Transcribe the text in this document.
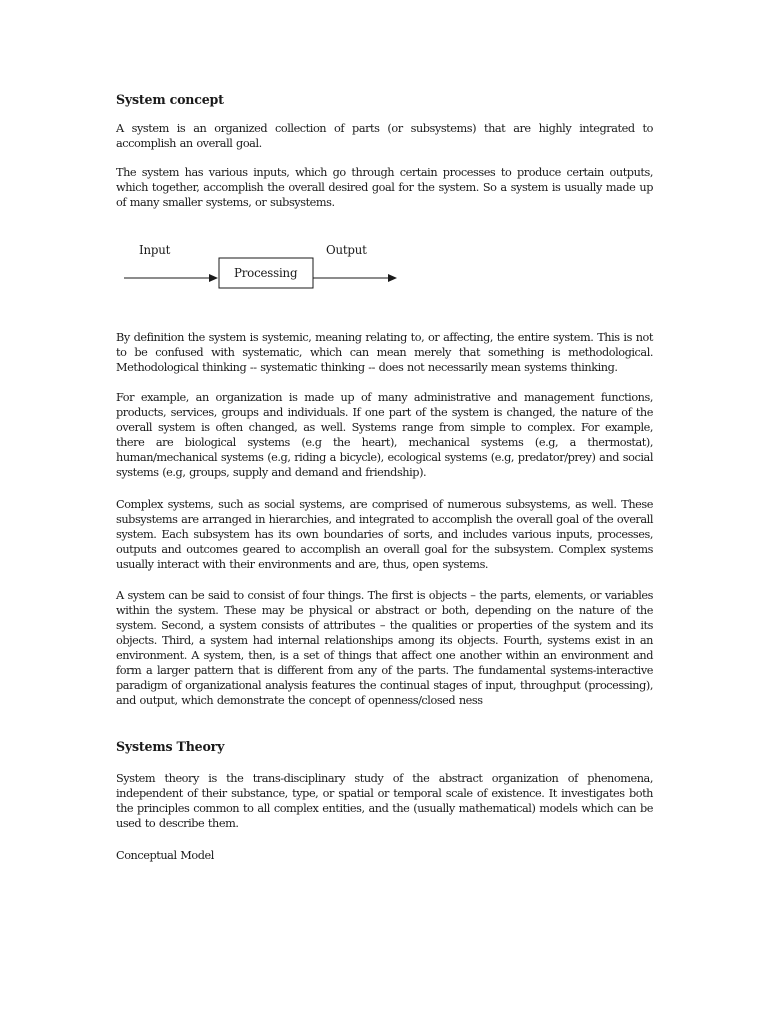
System concept

A system is an organized collection of parts (or subsystems) that are highly integrated to accomplish an overall goal.

The system has various inputs, which go through certain processes to produce certain outputs, which together, accomplish the overall desired goal for the system. So a system is usually made up of many smaller systems, or subsystems.

Input
Processing
Output

By definition the system is systemic, meaning relating to, or affecting, the entire system. This is not to be confused with systematic, which can mean merely that something is methodological. Methodological thinking -- systematic thinking -- does not necessarily mean systems thinking.

For example, an organization is made up of many administrative and management functions, products, services, groups and individuals. If one part of the system is changed, the nature of the overall system is often changed, as well. Systems range from simple to complex. For example, there are biological systems (e.g the heart), mechanical systems (e.g, a thermostat), human/mechanical systems (e.g, riding a bicycle), ecological systems (e.g, predator/prey) and social systems (e.g, groups, supply and demand and friendship).

Complex systems, such as social systems, are comprised of numerous subsystems, as well. These subsystems are arranged in hierarchies, and integrated to accomplish the overall goal of the overall system. Each subsystem has its own boundaries of sorts, and includes various inputs, processes, outputs and outcomes geared to accomplish an overall goal for the subsystem. Complex systems usually interact with their environments and are, thus, open systems.

A system can be said to consist of four things. The first is objects – the parts, elements, or variables within the system. These may be physical or abstract or both, depending on the nature of the system. Second, a system consists of attributes – the qualities or properties of the system and its objects. Third, a system had internal relationships among its objects. Fourth, systems exist in an environment. A system, then, is a set of things that affect one another within an environment and form a larger pattern that is different from any of the parts. The fundamental systems-interactive paradigm of organizational analysis features the continual stages of input, throughput (processing), and output, which demonstrate the concept of openness/closed ness

Systems Theory

System theory is the trans-disciplinary study of the abstract organization of phenomena, independent of their substance, type, or spatial or temporal scale of existence. It investigates both the principles common to all complex entities, and the (usually mathematical) models which can be used to describe them.

Conceptual Model
